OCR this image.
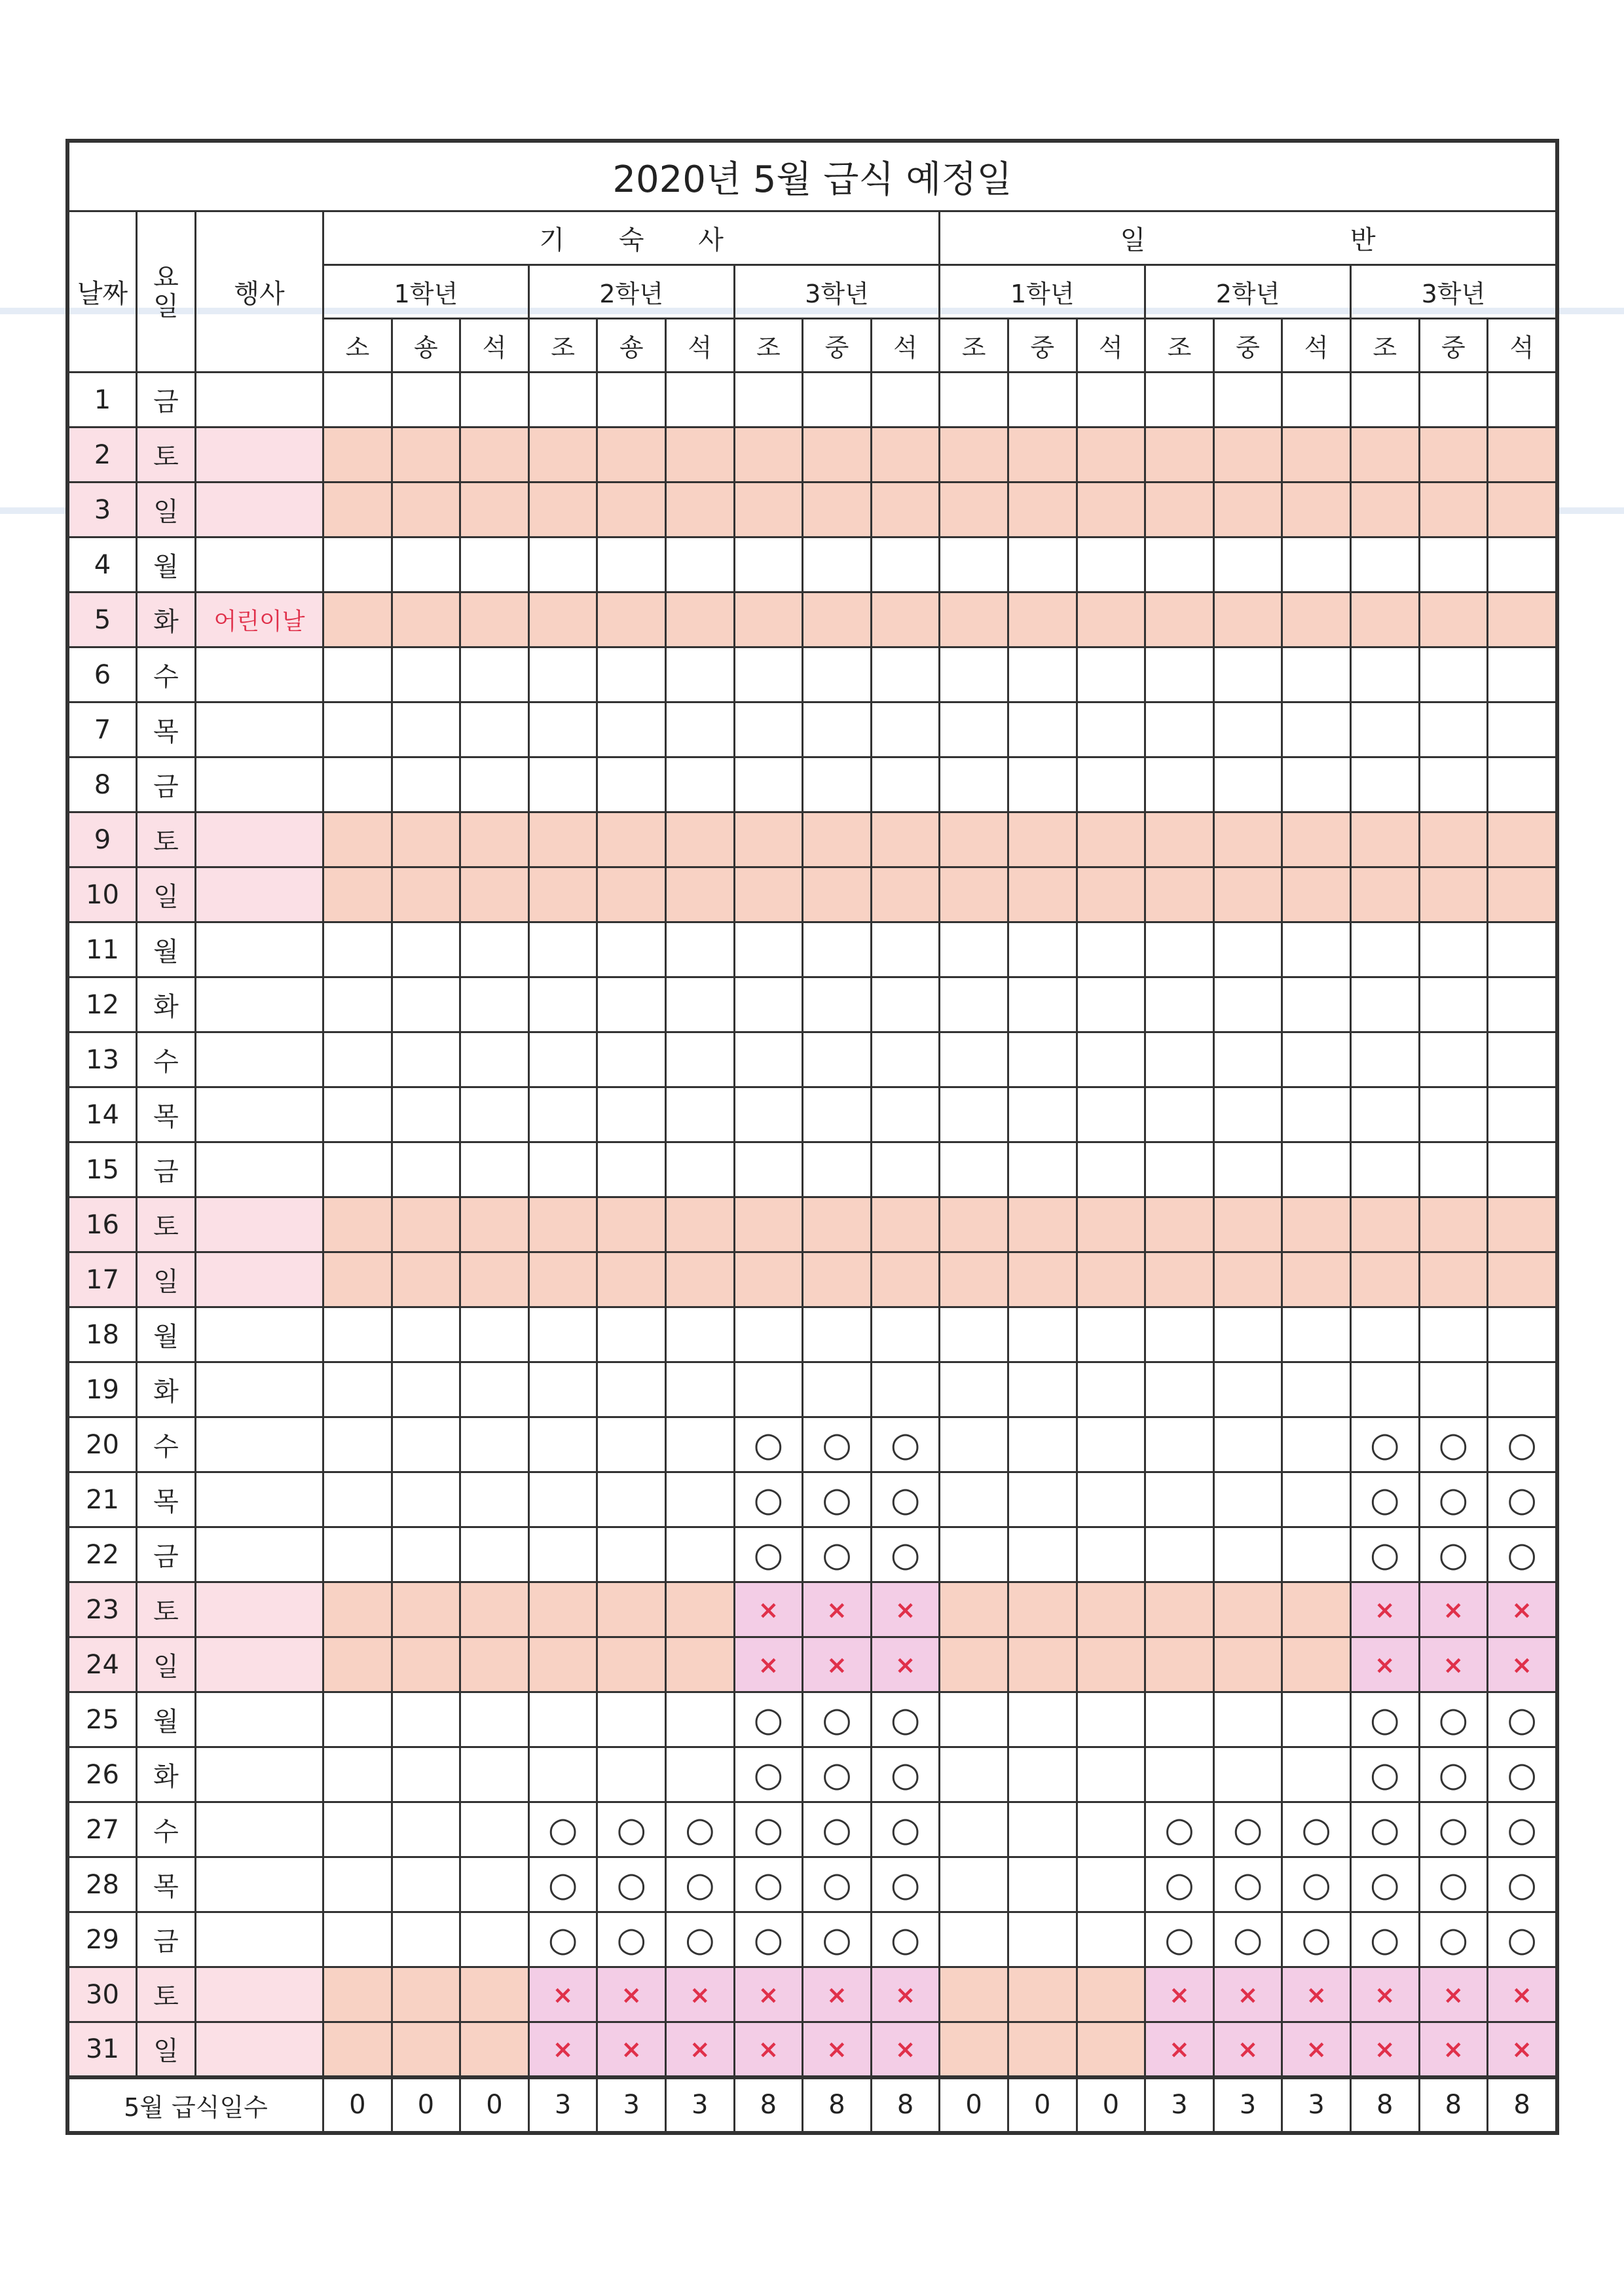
2020년 5월 급식 예정일																				
날짜	요일	행사	기 숙 사									일 반								
			1학년			2학년			3학년			1학년			2학년			3학년		
			소	숑	석	조	숑	석	조	중	석	조	중	석	조	중	석	조	중	석
1	금																			
2	토																			
3	일																			
4	월																			
5	화	어린이날																		
6	수																			
7	목																			
8	금																			
9	토																			
10	일																			
11	월																			
12	화																			
13	수																			
14	목																			
15	금																			
16	토																			
17	일																			
18	월																			
19	화																			
20	수								○	○	○							○	○	○
21	목								○	○	○							○	○	○
22	금								○	○	○							○	○	○
23	토								×	×	×							×	×	×
24	일								×	×	×							×	×	×
25	월								○	○	○							○	○	○
26	화								○	○	○							○	○	○
27	수					○	○	○	○	○	○				○	○	○	○	○	○
28	목					○	○	○	○	○	○				○	○	○	○	○	○
29	금					○	○	○	○	○	○				○	○	○	○	○	○
30	토					×	×	×	×	×	×				×	×	×	×	×	×
31	일					×	×	×	×	×	×				×	×	×	×	×	×
5월 급식일수			0	0	0	3	3	3	8	8	8	0	0	0	3	3	3	8	8	8
